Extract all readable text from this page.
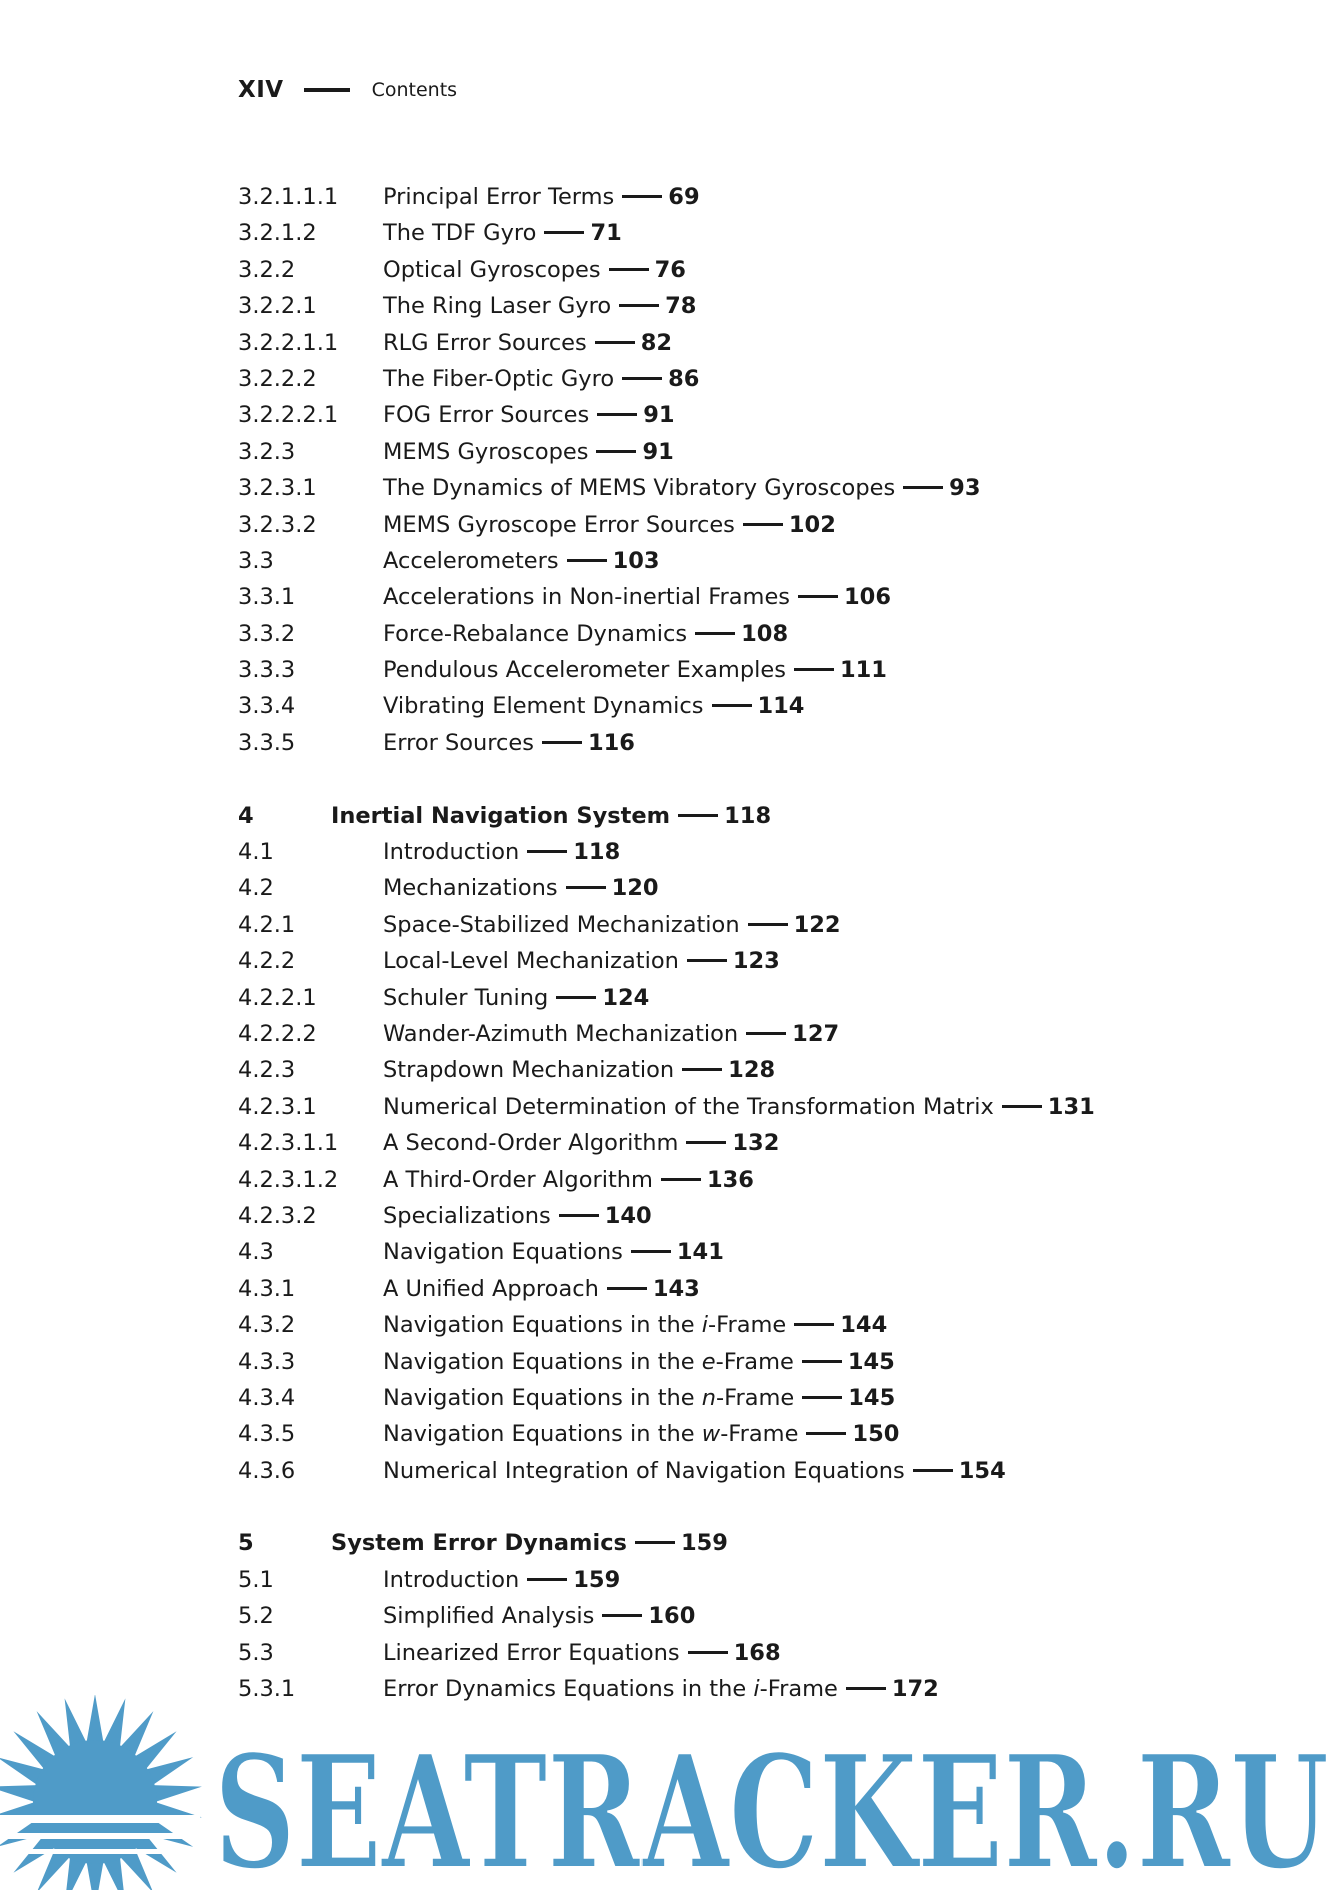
XIV	Contents
3.2.1.1.1 Principal Error Terms 69
3.2.1.2	The TDF Gyro 71
3.2.2	Optical Gyroscopes 76
3.2.2.1	The Ring Laser Gyro 78
3.2.2.1.1 RLG Error Sources 82
3.2.2.2	The Fiber-Optic Gyro 86
3.2.2.2.1 FOG Error Sources 91
3.2.3	MEMS Gyroscopes 91
3.2.3.1	The Dynamics of MEMS Vibratory Gyroscopes 93
3.2.3.2	MEMS Gyroscope Error Sources 102
3.3	Accelerometers 103
3.3.1	Accelerations in Non-inertial Frames 106
3.3.2	Force-Rebalance Dynamics 108
3.3.3	Pendulous Accelerometer Examples 111
3.3.4	Vibrating Element Dynamics 114
3.3.5	Error Sources 116
4	Inertial Navigation System 118
4.1	Introduction 118
4.2	Mechanizations 120
4.2.1	Space-Stabilized Mechanization 122
4.2.2	Local-Level Mechanization 123
4.2.2.1	Schuler Tuning 124
4.2.2.2	Wander-Azimuth Mechanization 127
4.2.3	Strapdown Mechanization 128
4.2.3.1	Numerical Determination of the Transformation Matrix 131
4.2.3.1.1 A Second-Order Algorithm 132
4.2.3.1.2 A Third-Order Algorithm 136
4.2.3.2	Specializations 140
4.3	Navigation Equations 141
4.3.1	A Unified Approach 143
4.3.2	Navigation Equations in the i-Frame 144
4.3.3	Navigation Equations in the e-Frame 145
4.3.4	Navigation Equations in the n-Frame 145
4.3.5	Navigation Equations in the w-Frame 150
4.3.6	Numerical Integration of Navigation Equations 154
5	System Error Dynamics 159
5.1	Introduction 159
5.2	Simplified Analysis 160
5.3	Linearized Error Equations 168
5.3.1	Error Dynamics Equations in the i-Frame 172
SEATRACKER.RU
